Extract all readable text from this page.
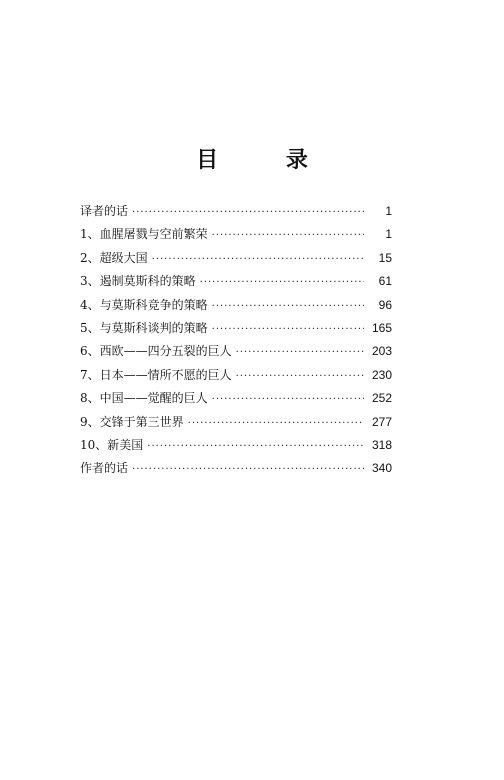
目 录
译者的话 ·····	1
1、血腥屠戮与空前繁荣 ·····	1
2、超级大国 ·····	15
3、遏制莫斯科的策略 ·····	61
4、与莫斯科竞争的策略 ·····	96
5、与莫斯科谈判的策略 ·····	165
6、西欧——四分五裂的巨人 ·····	203
7、日本——情所不愿的巨人 ·····	230
8、中国——觉醒的巨人 ·····	252
9、交锋于第三世界 ·····	277
10、新美国 ·····	318
作者的话 ·····	340
